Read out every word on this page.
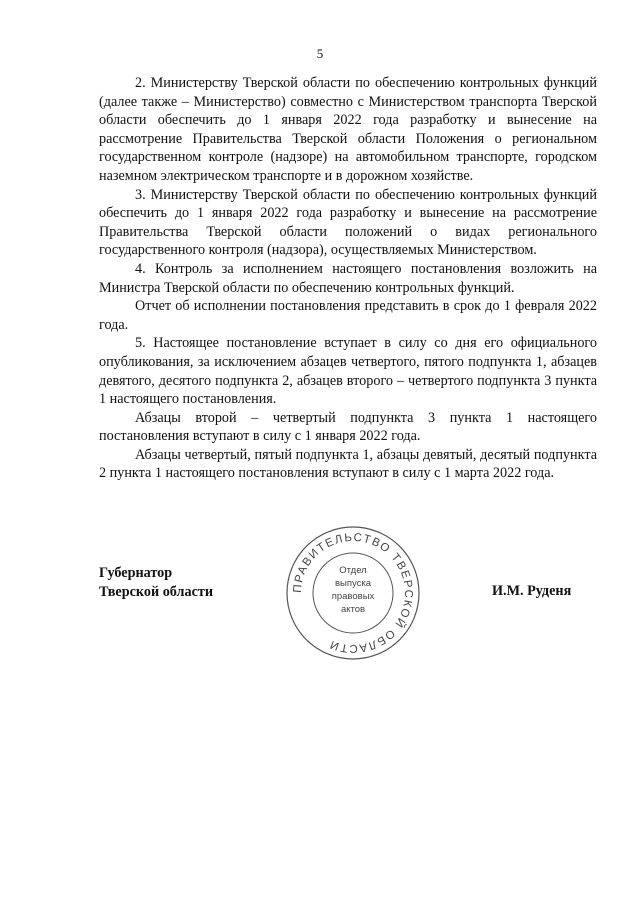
5

2. Министерству Тверской области по обеспечению контрольных функций (далее также – Министерство) совместно с Министерством транспорта Тверской области обеспечить до 1 января 2022 года разработку и вынесение на рассмотрение Правительства Тверской области Положения о региональном государственном контроле (надзоре) на автомобильном транспорте, городском наземном электрическом транспорте и в дорожном хозяйстве.

3. Министерству Тверской области по обеспечению контрольных функций обеспечить до 1 января 2022 года разработку и вынесение на рассмотрение Правительства Тверской области положений о видах регионального государственного контроля (надзора), осуществляемых Министерством.

4. Контроль за исполнением настоящего постановления возложить на Министра Тверской области по обеспечению контрольных функций.

Отчет об исполнении постановления представить в срок до 1 февраля 2022 года.

5. Настоящее постановление вступает в силу со дня его официального опубликования, за исключением абзацев четвертого, пятого подпункта 1, абзацев девятого, десятого подпункта 2, абзацев второго – четвертого подпункта 3 пункта 1 настоящего постановления.

Абзацы второй – четвертый подпункта 3 пункта 1 настоящего постановления вступают в силу с 1 января 2022 года.

Абзацы четвертый, пятый подпункта 1, абзацы девятый, десятый подпункта 2 пункта 1 настоящего постановления вступают в силу с 1 марта 2022 года.

Губернатор
Тверской области	ПРАВИТЕЛЬСТВО ТВЕРСКОЙ ОБЛАСТИ
Отдел
выпуска
правовых
актов
И.М. Руденя
